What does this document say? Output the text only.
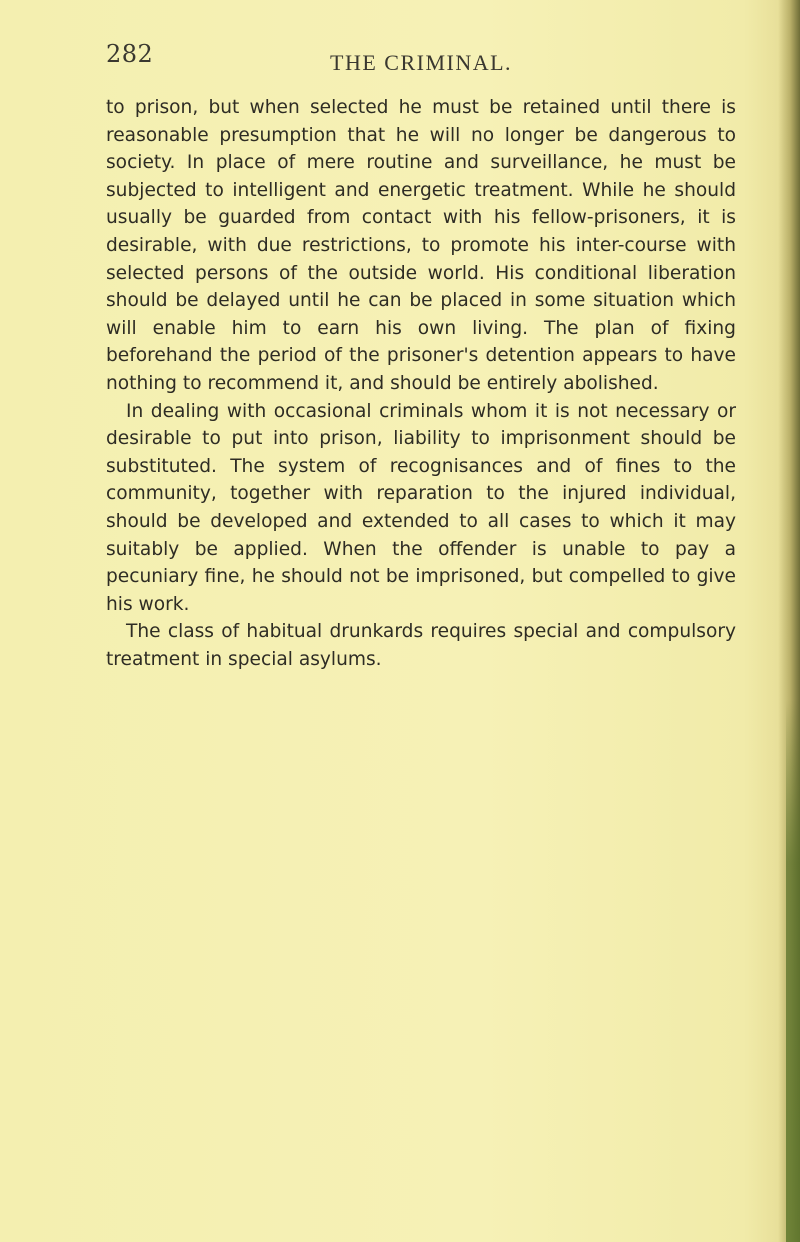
282	THE CRIMINAL.

to prison, but when selected he must be retained until there is reasonable presumption that he will no longer be dangerous to society. In place of mere routine and surveillance, he must be subjected to intelligent and energetic treatment. While he should usually be guarded from contact with his fellow-prisoners, it is desirable, with due restrictions, to promote his inter-course with selected persons of the outside world. His conditional liberation should be delayed until he can be placed in some situation which will enable him to earn his own living. The plan of fixing beforehand the period of the prisoner's detention appears to have nothing to recommend it, and should be entirely abolished.

In dealing with occasional criminals whom it is not necessary or desirable to put into prison, liability to imprisonment should be substituted. The system of recognisances and of fines to the community, together with reparation to the injured individual, should be developed and extended to all cases to which it may suitably be applied. When the offender is unable to pay a pecuniary fine, he should not be imprisoned, but compelled to give his work.

The class of habitual drunkards requires special and compulsory treatment in special asylums.
